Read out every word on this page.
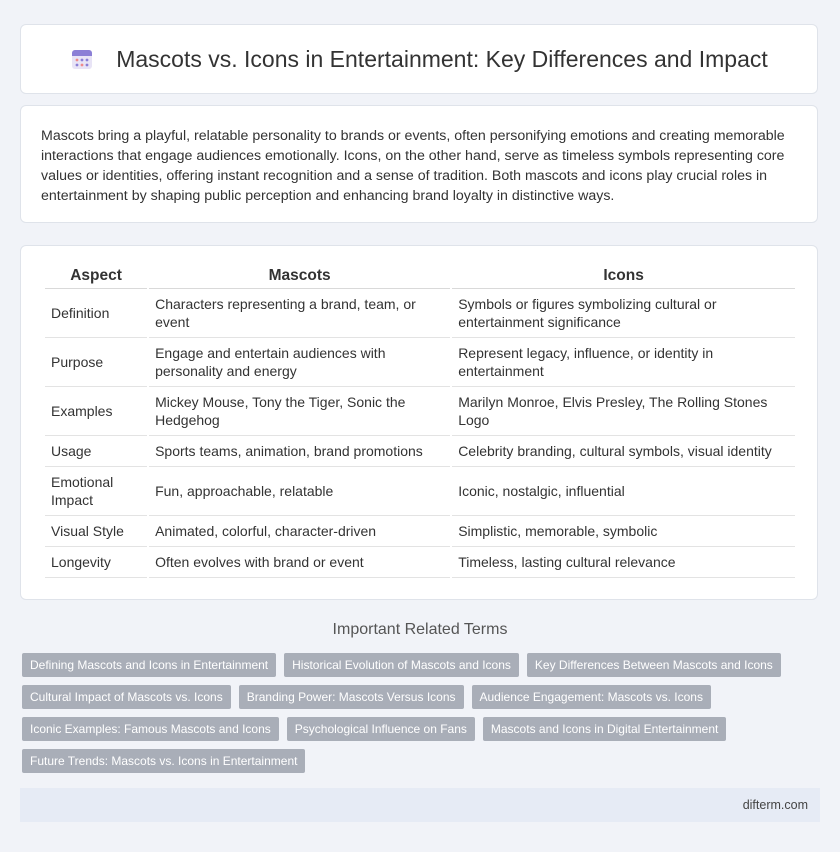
Mascots vs. Icons in Entertainment: Key Differences and Impact

Mascots bring a playful, relatable personality to brands or events, often personifying emotions and creating memorable interactions that engage audiences emotionally. Icons, on the other hand, serve as timeless symbols representing core values or identities, offering instant recognition and a sense of tradition. Both mascots and icons play crucial roles in entertainment by shaping public perception and enhancing brand loyalty in distinctive ways.

Aspect	Mascots	Icons
Definition	Characters representing a brand, team, or event	Symbols or figures symbolizing cultural or entertainment significance
Purpose	Engage and entertain audiences with personality and energy	Represent legacy, influence, or identity in entertainment
Examples	Mickey Mouse, Tony the Tiger, Sonic the Hedgehog	Marilyn Monroe, Elvis Presley, The Rolling Stones Logo
Usage	Sports teams, animation, brand promotions	Celebrity branding, cultural symbols, visual identity
Emotional Impact	Fun, approachable, relatable	Iconic, nostalgic, influential
Visual Style	Animated, colorful, character-driven	Simplistic, memorable, symbolic
Longevity	Often evolves with brand or event	Timeless, lasting cultural relevance
Important Related Terms
Defining Mascots and Icons in Entertainment	Historical Evolution of Mascots and Icons	Key Differences Between Mascots and Icons
Cultural Impact of Mascots vs. Icons	Branding Power: Mascots Versus Icons	Audience Engagement: Mascots vs. Icons
Iconic Examples: Famous Mascots and Icons	Psychological Influence on Fans	Mascots and Icons in Digital Entertainment
Future Trends: Mascots vs. Icons in Entertainment
difterm.com
